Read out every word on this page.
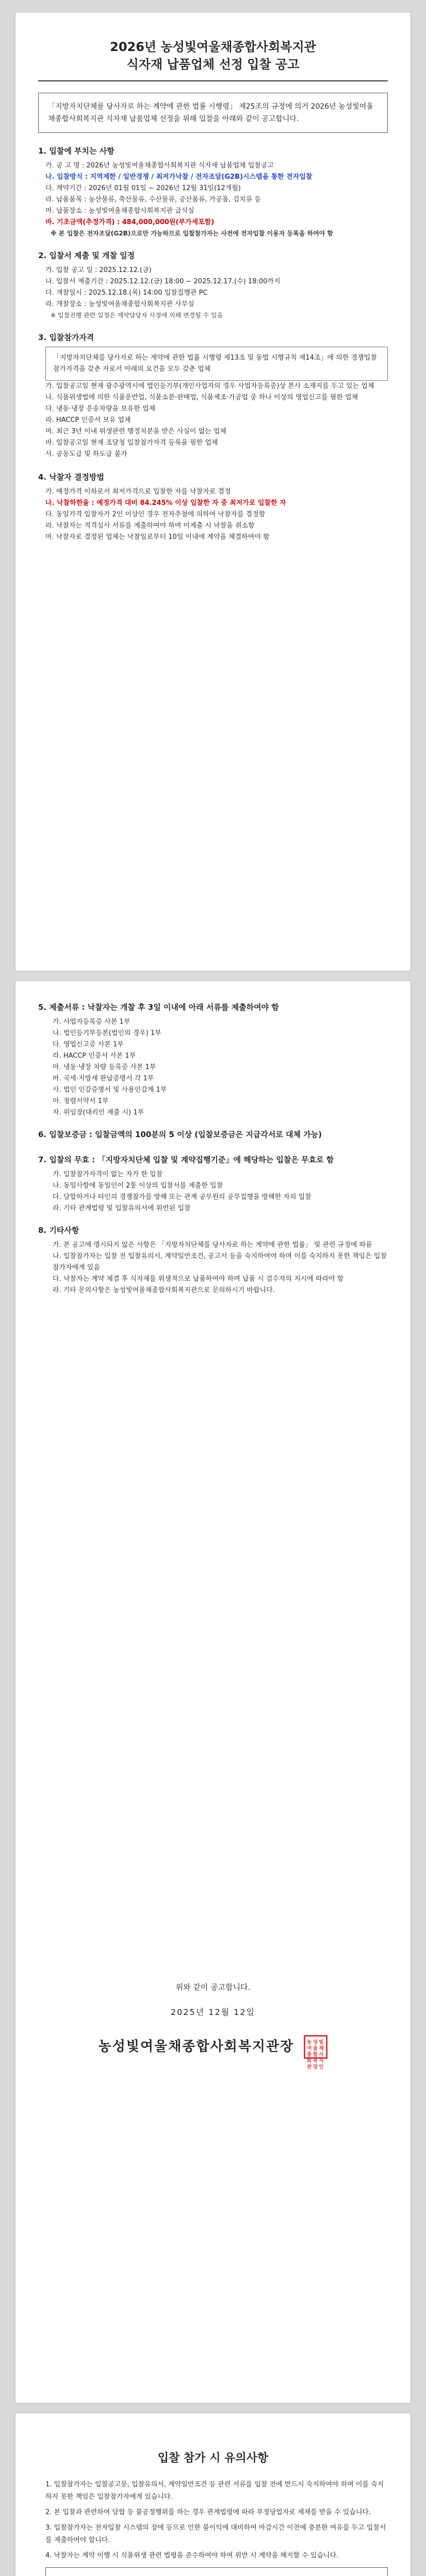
2026년 농성빛여울채종합사회복지관
식자재 납품업체 선정 입찰 공고
「지방자치단체를 당사자로 하는 계약에 관한 법률 시행령」 제25조의 규정에 의거 2026년 농성빛여울채종합사회복지관 식자재 납품업체 선정을 위해 입찰을 아래와 같이 공고합니다.
1. 입찰에 부치는 사항
가. 공 고 명 : 2026년 농성빛여울채종합사회복지관 식자재 납품업체 입찰공고
나. 입찰방식 : 지역제한 / 일반경쟁 / 최저가낙찰 / 전자조달(G2B)시스템을 통한 전자입찰
다. 계약기간 : 2026년 01월 01일 ~ 2026년 12월 31일(12개월)
라. 납품품목 : 농산물류, 축산물류, 수산물류, 공산품류, 가공품, 김치류 등
마. 납품장소 : 농성빛여울채종합사회복지관 급식실
바. 기초금액(추정가격) : 484,000,000원(부가세포함)
※ 본 입찰은 전자조달(G2B)으로만 가능하므로 입찰참가자는 사전에 전자입찰 이용자 등록을 하여야 함
2. 입찰서 제출 및 개찰 일정
가. 입찰 공고 일 : 2025.12.12.(금)
나. 입찰서 제출기간 : 2025.12.12.(금) 18:00 ~ 2025.12.17.(수) 18:00까지
다. 개찰일시 : 2025.12.18.(목) 14:00 입찰집행관 PC
라. 개찰장소 : 농성빛여울채종합사회복지관 사무실
※ 입찰진행 관련 일정은 계약담당자 사정에 의해 변경될 수 있음
3. 입찰참가자격
「지방자치단체를 당사자로 하는 계약에 관한 법률 시행령 제13조 및 동법 시행규칙 제14조」에 의한 경쟁입찰 참가자격을 갖춘 자로서 아래의 요건을 모두 갖춘 업체
가. 입찰공고일 현재 광주광역시에 법인등기부(개인사업자의 경우 사업자등록증)상 본사 소재지를 두고 있는 업체
나. 식품위생법에 의한 식품운반업, 식품소분·판매업, 식품제조·가공업 중 하나 이상의 영업신고를 필한 업체
다. 냉동·냉장 운송차량을 보유한 업체
라. HACCP 인증서 보유 업체
마. 최근 3년 이내 위생관련 행정처분을 받은 사실이 없는 업체
바. 입찰공고일 현재 조달청 입찰참가자격 등록을 필한 업체
사. 공동도급 및 하도급 불가
4. 낙찰자 결정방법
가. 예정가격 이하로서 최저가격으로 입찰한 자를 낙찰자로 결정
나. 낙찰하한율 : 예정가격 대비 84.245% 이상 입찰한 자 중 최저가로 입찰한 자
다. 동일가격 입찰자가 2인 이상인 경우 전자추첨에 의하여 낙찰자를 결정함
라. 낙찰자는 적격심사 서류를 제출하여야 하며 미제출 시 낙찰을 취소함
마. 낙찰자로 결정된 업체는 낙찰일로부터 10일 이내에 계약을 체결하여야 함
5. 제출서류 : 낙찰자는 개찰 후 3일 이내에 아래 서류를 제출하여야 함
가. 사업자등록증 사본 1부
나. 법인등기부등본(법인의 경우) 1부
다. 영업신고증 사본 1부
라. HACCP 인증서 사본 1부
마. 냉동·냉장 차량 등록증 사본 1부
바. 국세·지방세 완납증명서 각 1부
사. 법인 인감증명서 및 사용인감계 1부
아. 청렴서약서 1부
자. 위임장(대리인 제출 시) 1부
6. 입찰보증금 : 입찰금액의 100분의 5 이상 (입찰보증금은 지급각서로 대체 가능)
7. 입찰의 무효 : 「지방자치단체 입찰 및 계약집행기준」에 해당하는 입찰은 무효로 함
가. 입찰참가자격이 없는 자가 한 입찰
나. 동일사항에 동일인이 2통 이상의 입찰서를 제출한 입찰
다. 담합하거나 타인의 경쟁참가를 방해 또는 관계 공무원의 공무집행을 방해한 자의 입찰
라. 기타 관계법령 및 입찰유의서에 위반된 입찰
8. 기타사항
가. 본 공고에 명시되지 않은 사항은 「지방자치단체를 당사자로 하는 계약에 관한 법률」 및 관련 규정에 따름
나. 입찰참가자는 입찰 전 입찰유의서, 계약일반조건, 공고서 등을 숙지하여야 하며 이를 숙지하지 못한 책임은 입찰참가자에게 있음
다. 낙찰자는 계약 체결 후 식자재를 위생적으로 납품하여야 하며 납품 시 검수자의 지시에 따라야 함
라. 기타 문의사항은 농성빛여울채종합사회복지관으로 문의하시기 바랍니다.
위와 같이 공고합니다.
2025년 12월 12일
농성빛여울채종합사회복지관장 농성빛여울채종합사회복지관장인
입찰 참가 시 유의사항
1. 입찰참가자는 입찰공고문, 입찰유의서, 계약일반조건 등 관련 서류를 입찰 전에 반드시 숙지하여야 하며 이를 숙지하지 못한 책임은 입찰참가자에게 있습니다.
2. 본 입찰과 관련하여 담합 등 불공정행위를 하는 경우 관계법령에 따라 부정당업자로 제재를 받을 수 있습니다.
3. 입찰참가자는 전자입찰 시스템의 장애 등으로 인한 불이익에 대비하여 마감시간 이전에 충분한 여유를 두고 입찰서를 제출하여야 합니다.
4. 낙찰자는 계약 이행 시 식품위생 관련 법령을 준수하여야 하며 위반 시 계약을 해지할 수 있습니다.
